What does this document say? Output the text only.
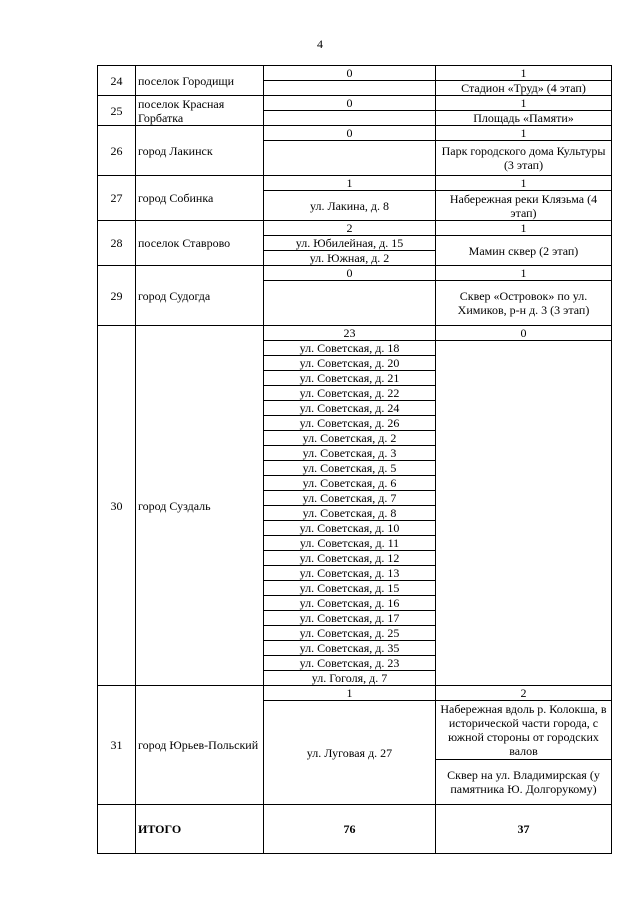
4
24	поселок Городищи	0	1
			Стадион «Труд» (4 этап)
25	поселок Красная Горбатка	0	1
			Площадь «Памяти»
26	город Лакинск	0	1
			Парк городского дома Культуры (3 этап)
27	город Собинка	1	1
		ул. Лакина, д. 8	Набережная реки Клязьма (4 этап)
28	поселок Ставрово	2	1
		ул. Юбилейная, д. 15	Мамин сквер (2 этап)
		ул. Южная, д. 2	
29	город Судогда	0	1
			Сквер «Островок» по ул. Химиков, р-н д. 3 (3 этап)
30	город Суздаль	23	0
		ул. Советская, д. 18	
		ул. Советская, д. 20	
		ул. Советская, д. 21	
		ул. Советская, д. 22	
		ул. Советская, д. 24	
		ул. Советская, д. 26	
		ул. Советская, д. 2	
		ул. Советская, д. 3	
		ул. Советская, д. 5	
		ул. Советская, д. 6	
		ул. Советская, д. 7	
		ул. Советская, д. 8	
		ул. Советская, д. 10	
		ул. Советская, д. 11	
		ул. Советская, д. 12	
		ул. Советская, д. 13	
		ул. Советская, д. 15	
		ул. Советская, д. 16	
		ул. Советская, д. 17	
		ул. Советская, д. 25	
		ул. Советская, д. 35	
		ул. Советская, д. 23	
		ул. Гоголя, д. 7	
31	город Юрьев-Польский	1	2
		ул. Луговая д. 27	Набережная вдоль р. Колокша, в исторической части города, с южной стороны от городских валов
			Сквер на ул. Владимирская (у памятника Ю. Долгорукому)
	ИТОГО	76	37
